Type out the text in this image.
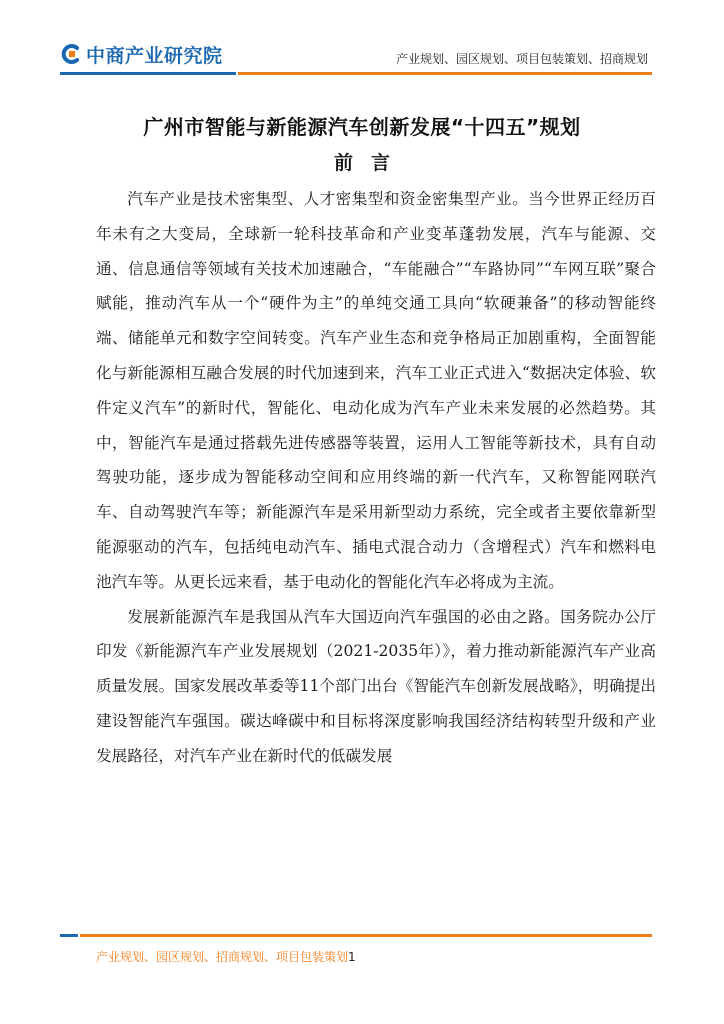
中商产业研究院	产业规划、园区规划、项目包装策划、招商规划
广州市智能与新能源汽车创新发展“十四五”规划
前言

汽车产业是技术密集型、人才密集型和资金密集型产业。当今世界正经历百年未有之大变局，全球新一轮科技革命和产业变革蓬勃发展，汽车与能源、交通、信息通信等领域有关技术加速融合，“车能融合”“车路协同”“车网互联”聚合赋能，推动汽车从一个“硬件为主”的单纯交通工具向“软硬兼备”的移动智能终端、储能单元和数字空间转变。汽车产业生态和竞争格局正加剧重构，全面智能化与新能源相互融合发展的时代加速到来，汽车工业正式进入“数据决定体验、软件定义汽车”的新时代，智能化、电动化成为汽车产业未来发展的必然趋势。其中，智能汽车是通过搭载先进传感器等装置，运用人工智能等新技术，具有自动驾驶功能，逐步成为智能移动空间和应用终端的新一代汽车，又称智能网联汽车、自动驾驶汽车等；新能源汽车是采用新型动力系统，完全或者主要依靠新型能源驱动的汽车，包括纯电动汽车、插电式混合动力（含增程式）汽车和燃料电池汽车等。从更长远来看，基于电动化的智能化汽车必将成为主流。

发展新能源汽车是我国从汽车大国迈向汽车强国的必由之路。国务院办公厅印发《新能源汽车产业发展规划（2021-2035年）》，着力推动新能源汽车产业高质量发展。国家发展改革委等11个部门出台《智能汽车创新发展战略》，明确提出建设智能汽车强国。碳达峰碳中和目标将深度影响我国经济结构转型升级和产业发展路径，对汽车产业在新时代的低碳发展

产业规划、园区规划、招商规划、项目包装策划1
